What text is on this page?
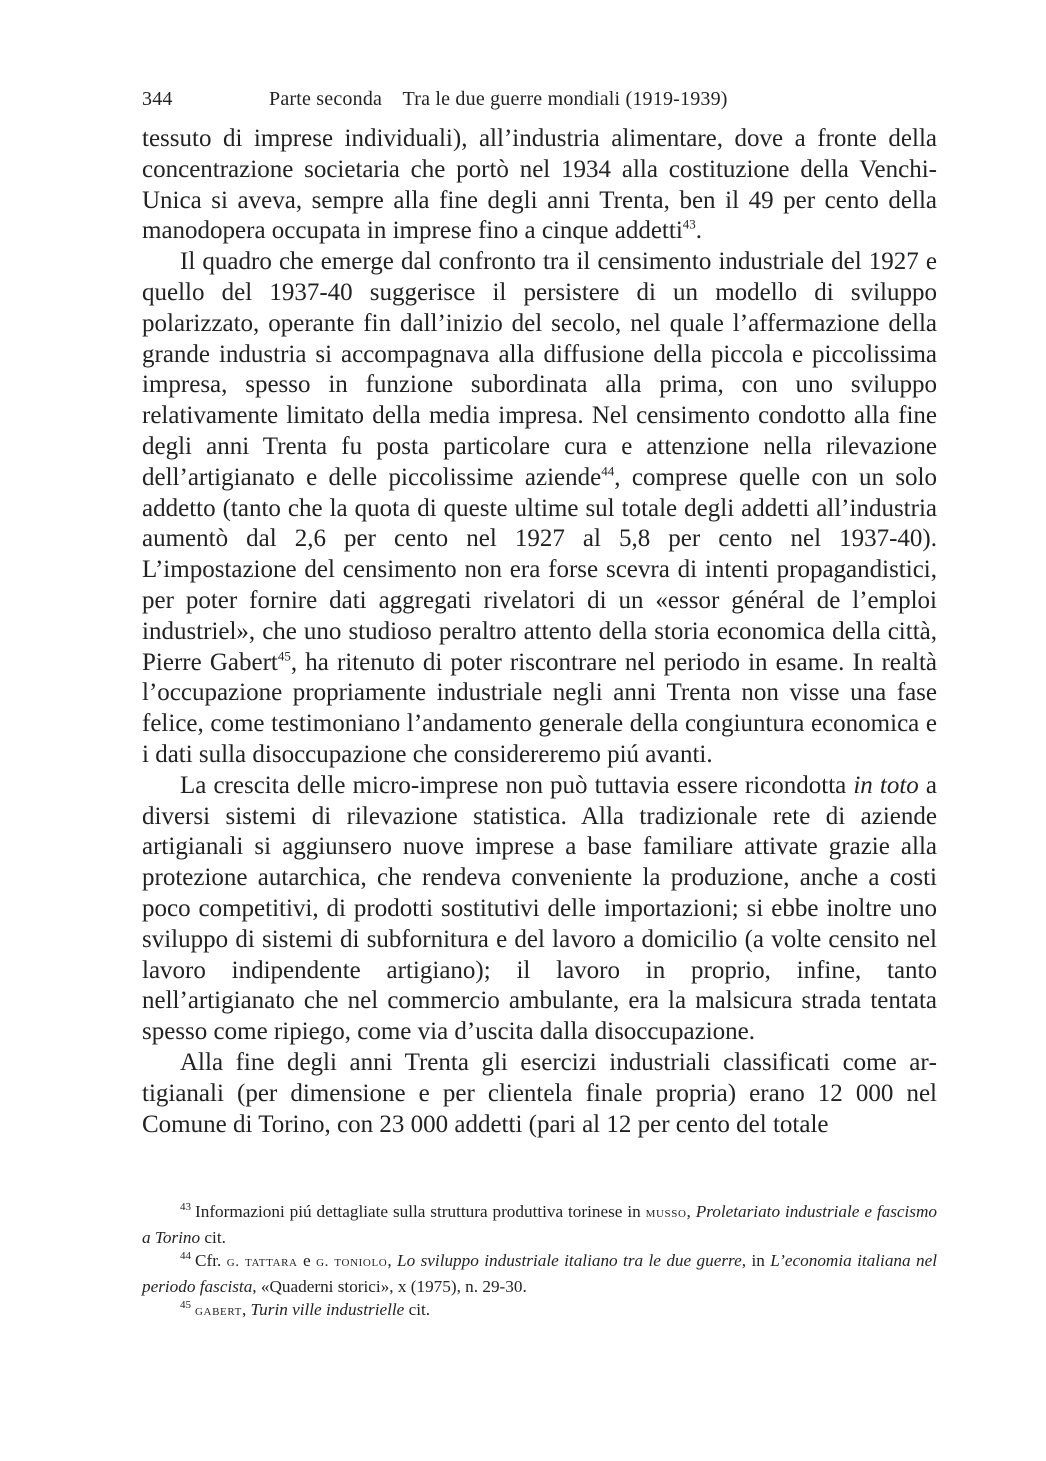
344	Parte seconda    Tra le due guerre mondiali (1919-1939)

tessuto di imprese individuali), all’industria alimentare, dove a fronte della concentrazione societaria che portò nel 1934 alla costituzione della Venchi-Unica si aveva, sempre alla fine degli anni Trenta, ben il 49 per cento della manodopera occupata in imprese fino a cinque addetti$^{43}$.

Il quadro che emerge dal confronto tra il censimento industriale del 1927 e quello del 1937-40 suggerisce il persistere di un modello di sviluppo polarizzato, operante fin dall’inizio del secolo, nel quale l’affermazione della grande industria si accompagnava alla diffusione della piccola e piccolissima impresa, spesso in funzione subordinata alla prima, con uno sviluppo relativamente limitato della media impresa. Nel censimento condotto alla fine degli anni Trenta fu posta particolare cura e attenzione nella rilevazione dell’artigianato e delle piccolissime aziende$^{44}$, comprese quelle con un solo addetto (tanto che la quota di queste ultime sul totale degli addetti all’industria aumentò dal 2,6 per cento nel 1927 al 5,8 per cento nel 1937-40). L’impostazione del censimento non era forse scevra di intenti propagandistici, per poter fornire dati aggregati rivelatori di un «essor général de l’emploi industriel», che uno studioso peraltro attento della storia economica della città, Pierre Gabert$^{45}$, ha ritenuto di poter riscontrare nel periodo in esame. In realtà l’occupazione propriamente industriale negli anni Trenta non visse una fase felice, come testimoniano l’andamento generale della congiuntura economica e i dati sulla disoccupazione che considereremo piú avanti.

La crescita delle micro-imprese non può tuttavia essere ricondotta in toto a diversi sistemi di rilevazione statistica. Alla tradizionale rete di aziende artigianali si aggiunsero nuove imprese a base familiare attivate grazie alla protezione autarchica, che rendeva conveniente la produzione, anche a costi poco competitivi, di prodotti sostitutivi delle importazioni; si ebbe inoltre uno sviluppo di sistemi di subfornitura e del lavoro a domicilio (a volte censito nel lavoro indipendente artigiano); il lavoro in proprio, infine, tanto nell’artigianato che nel commercio ambulante, era la malsicura strada tentata spesso come ripiego, come via d’uscita dalla disoccupazione.

Alla fine degli anni Trenta gli esercizi industriali classificati come artigianali (per dimensione e per clientela finale propria) erano 12 000 nel Comune di Torino, con 23 000 addetti (pari al 12 per cento del totale

$^{43}$ Informazioni piú dettagliate sulla struttura produttiva torinese in musso, Proletariato industriale e fascismo a Torino cit.

$^{44}$ Cfr. g. tattara e g. toniolo, Lo sviluppo industriale italiano tra le due guerre, in L’economia italiana nel periodo fascista, «Quaderni storici», x (1975), n. 29-30.

$^{45}$ gabert, Turin ville industrielle cit.
